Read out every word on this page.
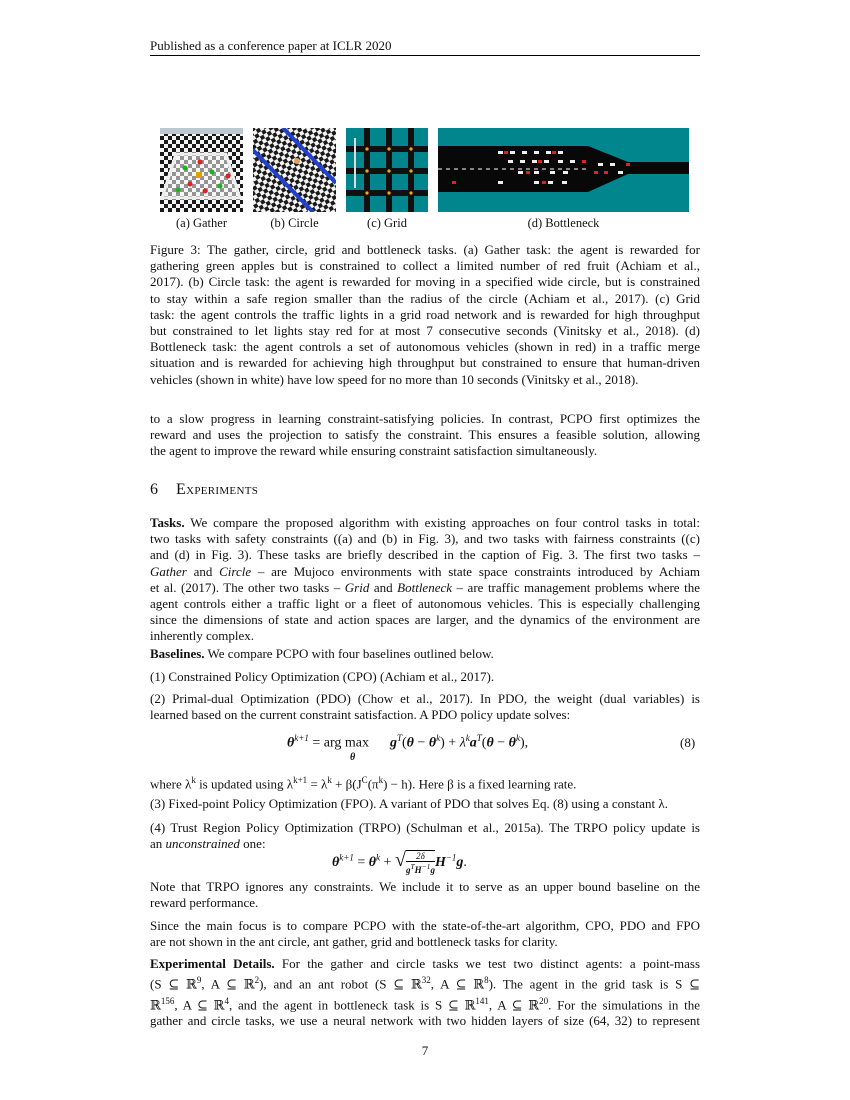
Published as a conference paper at ICLR 2020
(a) Gather	(b) Circle	(c) Grid	(d) Bottleneck
Figure 3: The gather, circle, grid and bottleneck tasks. (a) Gather task: the agent is rewarded for
gathering green apples but is constrained to collect a limited number of red fruit (Achiam et al.,
2017). (b) Circle task: the agent is rewarded for moving in a specified wide circle, but is constrained
to stay within a safe region smaller than the radius of the circle (Achiam et al., 2017). (c) Grid
task: the agent controls the traffic lights in a grid road network and is rewarded for high throughput
but constrained to let lights stay red for at most 7 consecutive seconds (Vinitsky et al., 2018). (d)
Bottleneck task: the agent controls a set of autonomous vehicles (shown in red) in a traffic merge
situation and is rewarded for achieving high throughput but constrained to ensure that human-driven
vehicles (shown in white) have low speed for no more than 10 seconds (Vinitsky et al., 2018).
to a slow progress in learning constraint-satisfying policies. In contrast, PCPO first optimizes the
reward and uses the projection to satisfy the constraint. This ensures a feasible solution, allowing
the agent to improve the reward while ensuring constraint satisfaction simultaneously.
6 Experiments
Tasks. We compare the proposed algorithm with existing approaches on four control tasks in total:
two tasks with safety constraints ((a) and (b) in Fig. 3), and two tasks with fairness constraints ((c)
and (d) in Fig. 3). These tasks are briefly described in the caption of Fig. 3. The first two tasks –
Gather and Circle – are Mujoco environments with state space constraints introduced by Achiam
et al. (2017). The other two tasks – Grid and Bottleneck – are traffic management problems where the
agent controls either a traffic light or a fleet of autonomous vehicles. This is especially challenging
since the dimensions of state and action spaces are larger, and the dynamics of the environment are
inherently complex.
Baselines. We compare PCPO with four baselines outlined below.
(1) Constrained Policy Optimization (CPO) (Achiam et al., 2017).
(2) Primal-dual Optimization (PDO) (Chow et al., 2017). In PDO, the weight (dual variables) is
learned based on the current constraint satisfaction. A PDO policy update solves:
$\theta^{k+1}$ = arg $\max g^T(\theta - \theta^k) + \lambda^ka^T(\theta - \theta^k)$,
θ
(8)
where $\lambda^k$ is updated using $\lambda^{k+1} = \lambda^k + \beta(J^C(\pi^k) - h)$. Here β is a fixed learning rate.
(3) Fixed-point Policy Optimization (FPO). A variant of PDO that solves Eq. (8) using a constant λ.
(4) Trust Region Policy Optimization (TRPO) (Schulman et al., 2015a). The TRPO policy update is
an unconstrained one:
$\theta^{k+1} = \theta^k$ + √	2δ
$g^TH^{-1}g$
$H^{-1}g$.
Note that TRPO ignores any constraints. We include it to serve as an upper bound baseline on the
reward performance.
Since the main focus is to compare PCPO with the state-of-the-art algorithm, CPO, PDO and FPO
are not shown in the ant circle, ant gather, grid and bottleneck tasks for clarity.
Experimental Details. For the gather and circle tasks we test two distinct agents: a point-mass
(S ⊆ ℝ$^9$, A ⊆ ℝ$^2$), and an ant robot (S ⊆ ℝ$^{32}$, A ⊆ ℝ$^8$). The agent in the grid task is S ⊆
ℝ$^{156}$, A ⊆ ℝ$^4$, and the agent in bottleneck task is S ⊆ ℝ$^{141}$, A ⊆ ℝ$^{20}$. For the simulations in the
gather and circle tasks, we use a neural network with two hidden layers of size (64, 32) to represent
7
